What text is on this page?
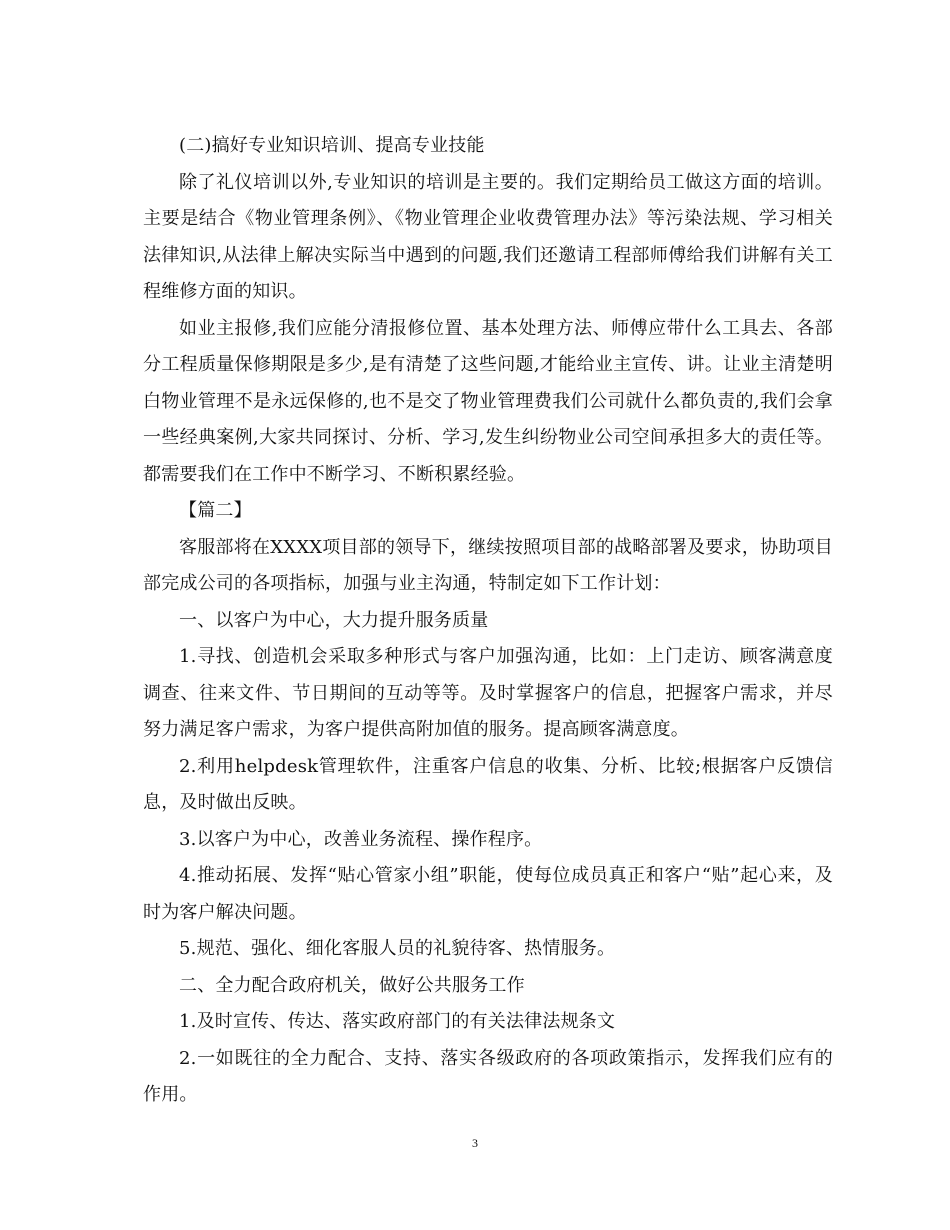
(二)搞好专业知识培训、提高专业技能

除了礼仪培训以外,专业知识的培训是主要的。我们定期给员工做这方面的培训。主要是结合《物业管理条例》、《物业管理企业收费管理办法》等污染法规、学习相关法律知识,从法律上解决实际当中遇到的问题,我们还邀请工程部师傅给我们讲解有关工程维修方面的知识。

如业主报修,我们应能分清报修位置、基本处理方法、师傅应带什么工具去、各部分工程质量保修期限是多少,是有清楚了这些问题,才能给业主宣传、讲。让业主清楚明白物业管理不是永远保修的,也不是交了物业管理费我们公司就什么都负责的,我们会拿一些经典案例,大家共同探讨、分析、学习,发生纠纷物业公司空间承担多大的责任等。都需要我们在工作中不断学习、不断积累经验。

【篇二】

客服部将在XXXX项目部的领导下，继续按照项目部的战略部署及要求，协助项目部完成公司的各项指标，加强与业主沟通，特制定如下工作计划：

一、以客户为中心，大力提升服务质量

1.寻找、创造机会采取多种形式与客户加强沟通，比如：上门走访、顾客满意度调查、往来文件、节日期间的互动等等。及时掌握客户的信息，把握客户需求，并尽努力满足客户需求，为客户提供高附加值的服务。提高顾客满意度。

2.利用helpdesk管理软件，注重客户信息的收集、分析、比较;根据客户反馈信息，及时做出反映。

3.以客户为中心，改善业务流程、操作程序。

4.推动拓展、发挥“贴心管家小组”职能，使每位成员真正和客户“贴”起心来，及时为客户解决问题。

5.规范、强化、细化客服人员的礼貌待客、热情服务。

二、全力配合政府机关，做好公共服务工作

1.及时宣传、传达、落实政府部门的有关法律法规条文

2.一如既往的全力配合、支持、落实各级政府的各项政策指示，发挥我们应有的作用。

3
